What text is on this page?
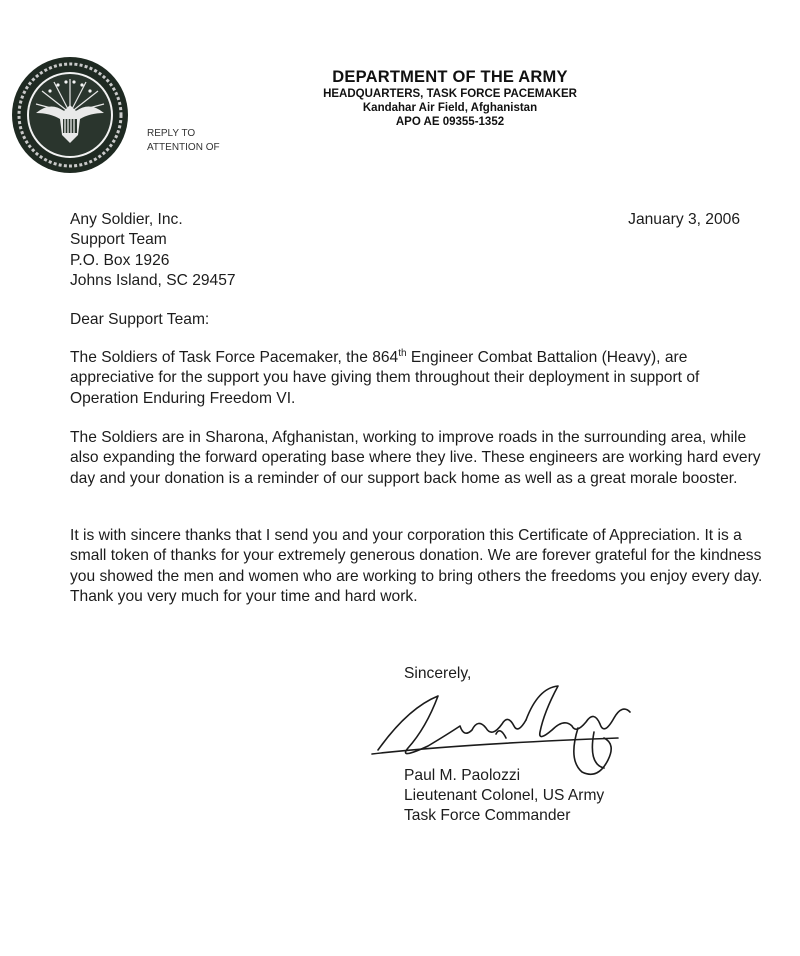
DEPARTMENT OF THE ARMY
HEADQUARTERS, TASK FORCE PACEMAKER
Kandahar Air Field, Afghanistan
APO AE 09355-1352
REPLY TO
ATTENTION OF
Any Soldier, Inc.
Support Team
P.O. Box 1926
Johns Island, SC 29457
January 3, 2006
Dear Support Team:

The Soldiers of Task Force Pacemaker, the 864th Engineer Combat Battalion (Heavy), are appreciative for the support you have giving them throughout their deployment in support of Operation Enduring Freedom VI.

The Soldiers are in Sharona, Afghanistan, working to improve roads in the surrounding area, while also expanding the forward operating base where they live. These engineers are working hard every day and your donation is a reminder of our support back home as well as a great morale booster.

It is with sincere thanks that I send you and your corporation this Certificate of Appreciation. It is a small token of thanks for your extremely generous donation. We are forever grateful for the kindness you showed the men and women who are working to bring others the freedoms you enjoy every day. Thank you very much for your time and hard work.

Sincerely,
Paul M. Paolozzi
Lieutenant Colonel, US Army
Task Force Commander
